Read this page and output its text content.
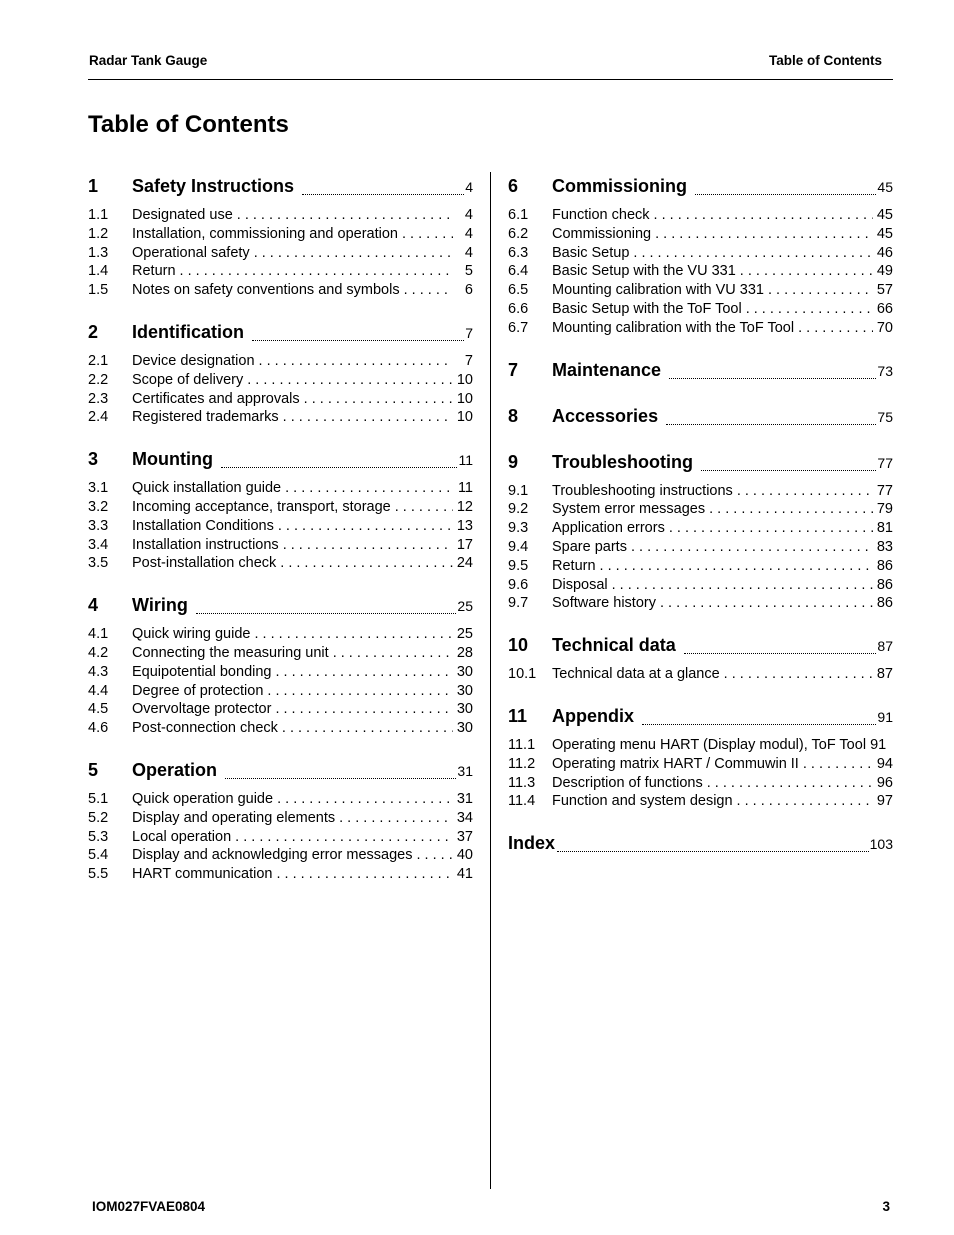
Radar Tank Gauge	Table of Contents
Table of Contents
1	Safety Instructions	4
1.1	Designated use . . .	4
1.2	Installation, commissioning and operation . . .	4
1.3	Operational safety . . .	4
1.4	Return . . .	5
1.5	Notes on safety conventions and symbols . . .	6
2	Identification	7
2.1	Device designation . . .	7
2.2	Scope of delivery . . .	10
2.3	Certificates and approvals . . .	10
2.4	Registered trademarks . . .	10
3	Mounting	11
3.1	Quick installation guide . . .	11
3.2	Incoming acceptance, transport, storage . . .	12
3.3	Installation Conditions . . .	13
3.4	Installation instructions . . .	17
3.5	Post-installation check . . .	24
4	Wiring	25
4.1	Quick wiring guide . . .	25
4.2	Connecting the measuring unit . . .	28
4.3	Equipotential bonding . . .	30
4.4	Degree of protection . . .	30
4.5	Overvoltage protector . . .	30
4.6	Post-connection check . . .	30
5	Operation	31
5.1	Quick operation guide . . .	31
5.2	Display and operating elements . . .	34
5.3	Local operation . . .	37
5.4	Display and acknowledging error messages . . .	40
5.5	HART communication . . .	41
6	Commissioning	45
6.1	Function check . . .	45
6.2	Commissioning . . .	45
6.3	Basic Setup . . .	46
6.4	Basic Setup with the VU 331 . . .	49
6.5	Mounting calibration with VU 331 . . .	57
6.6	Basic Setup with the ToF Tool . . .	66
6.7	Mounting calibration with the ToF Tool . . .	70
7	Maintenance	73
8	Accessories	75
9	Troubleshooting	77
9.1	Troubleshooting instructions . . .	77
9.2	System error messages . . .	79
9.3	Application errors . . .	81
9.4	Spare parts . . .	83
9.5	Return . . .	86
9.6	Disposal . . .	86
9.7	Software history . . .	86
10	Technical data	87
10.1	Technical data at a glance . . .	87
11	Appendix	91
11.1	Operating menu HART (Display modul), ToF Tool 91
11.2	Operating matrix HART / Commuwin II . . .	94
11.3	Description of functions . . .	96
11.4	Function and system design . . .	97
Index	103
IOM027FVAE0804	3
